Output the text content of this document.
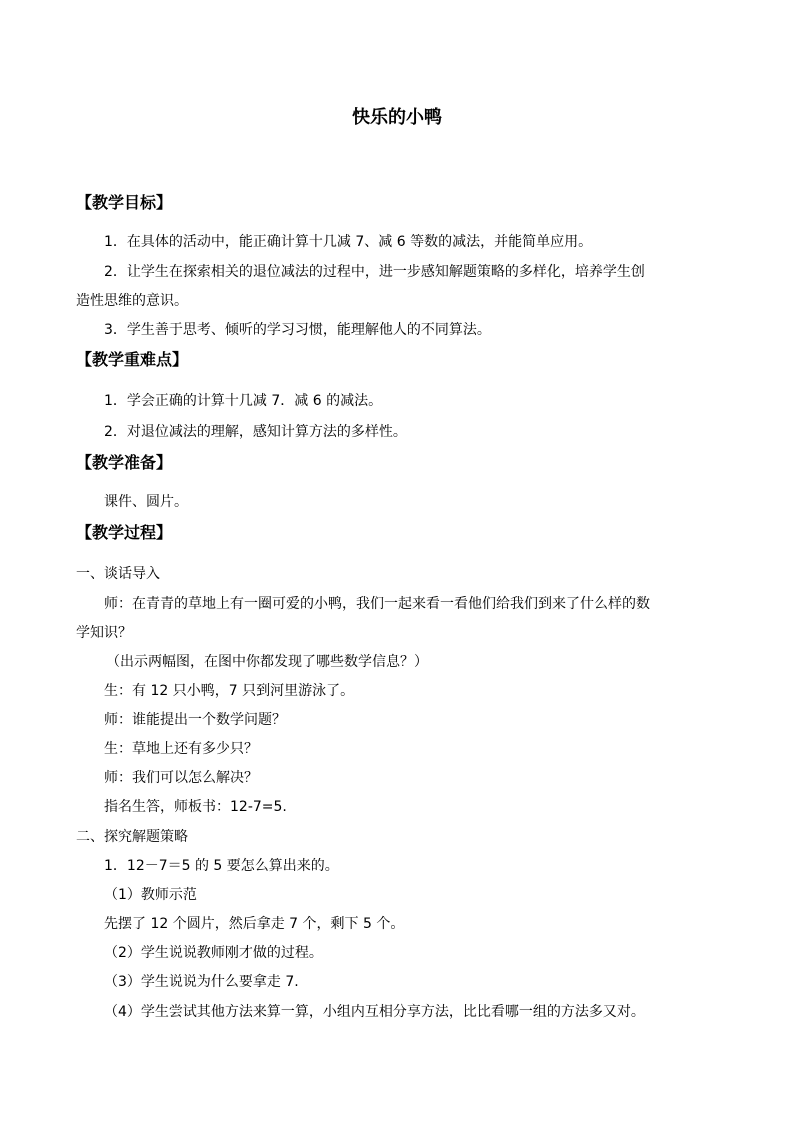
快乐的小鸭
【教学目标】
1．在具体的活动中，能正确计算十几减 7、减 6 等数的减法，并能简单应用。
2．让学生在探索相关的退位减法的过程中，进一步感知解题策略的多样化，培养学生创
造性思维的意识。
3．学生善于思考、倾听的学习习惯，能理解他人的不同算法。
【教学重难点】
1．学会正确的计算十几减 7．减 6 的减法。
2．对退位减法的理解，感知计算方法的多样性。
【教学准备】
课件、圆片。
【教学过程】
一、谈话导入
师：在青青的草地上有一圈可爱的小鸭，我们一起来看一看他们给我们到来了什么样的数
学知识？
（出示两幅图，在图中你都发现了哪些数学信息？）
生：有 12 只小鸭，7 只到河里游泳了。
师：谁能提出一个数学问题？
生：草地上还有多少只？
师：我们可以怎么解决？
指名生答，师板书：12-7=5.
二、探究解题策略
1．12－7＝5 的 5 要怎么算出来的。
（1）教师示范
先摆了 12 个圆片，然后拿走 7 个，剩下 5 个。
（2）学生说说教师刚才做的过程。
（3）学生说说为什么要拿走 7.
（4）学生尝试其他方法来算一算，小组内互相分享方法，比比看哪一组的方法多又对。
